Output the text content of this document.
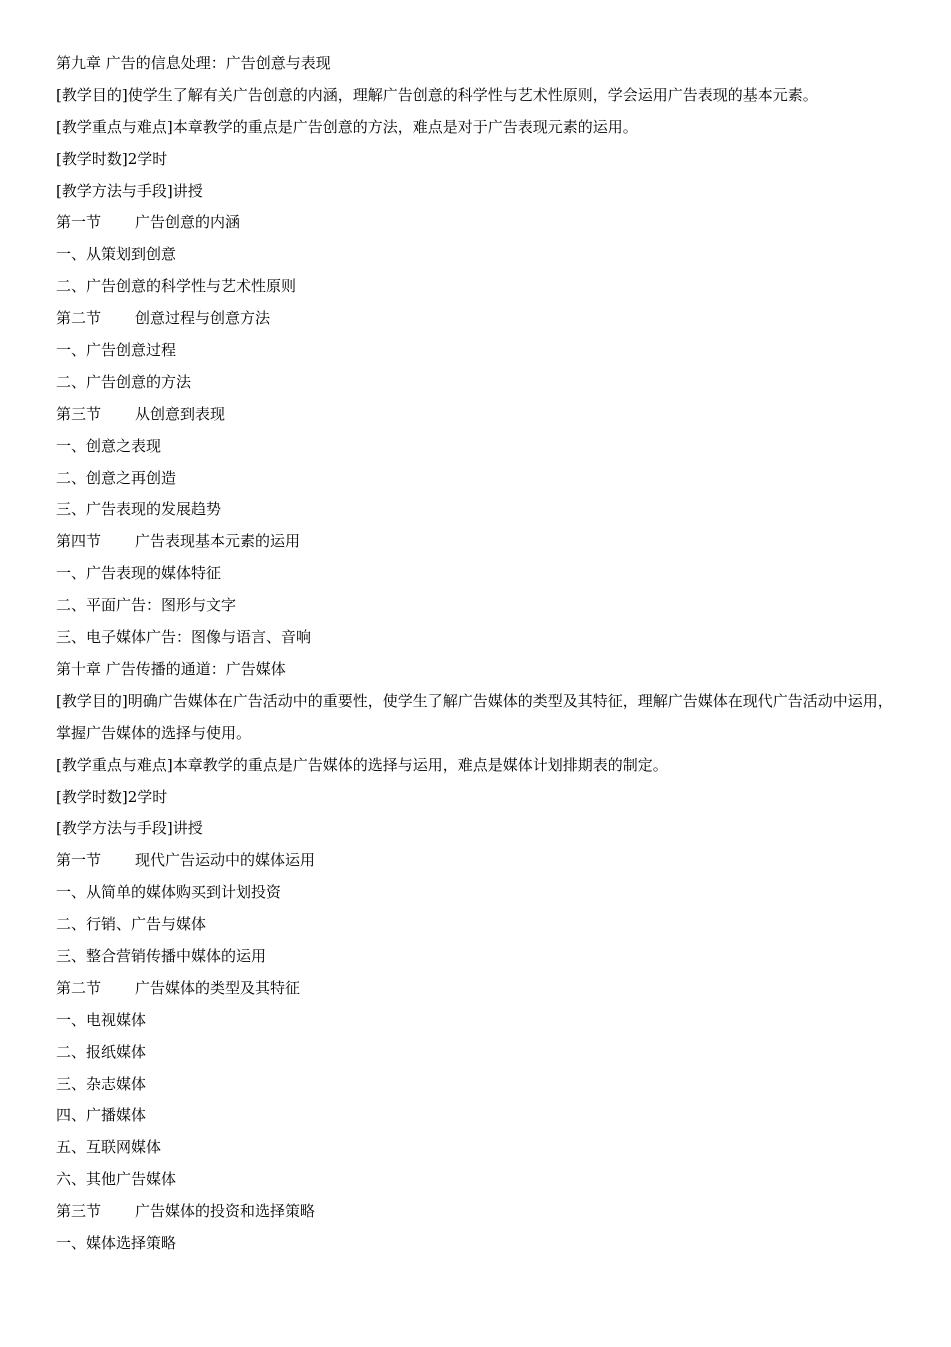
第九章 广告的信息处理：广告创意与表现
[教学目的]使学生了解有关广告创意的内涵，理解广告创意的科学性与艺术性原则，学会运用广告表现的基本元素。
[教学重点与难点]本章教学的重点是广告创意的方法，难点是对于广告表现元素的运用。
[教学时数]2学时
[教学方法与手段]讲授
第一节 广告创意的内涵
一、从策划到创意
二、广告创意的科学性与艺术性原则
第二节 创意过程与创意方法
一、广告创意过程
二、广告创意的方法
第三节 从创意到表现
一、创意之表现
二、创意之再创造
三、广告表现的发展趋势
第四节 广告表现基本元素的运用
一、广告表现的媒体特征
二、平面广告：图形与文字
三、电子媒体广告：图像与语言、音响
第十章 广告传播的通道：广告媒体
[教学目的]明确广告媒体在广告活动中的重要性，使学生了解广告媒体的类型及其特征，理解广告媒体在现代广告活动中运用，掌握广告媒体的选择与使用。
[教学重点与难点]本章教学的重点是广告媒体的选择与运用，难点是媒体计划排期表的制定。
[教学时数]2学时
[教学方法与手段]讲授
第一节 现代广告运动中的媒体运用
一、从简单的媒体购买到计划投资
二、行销、广告与媒体
三、整合营销传播中媒体的运用
第二节 广告媒体的类型及其特征
一、电视媒体
二、报纸媒体
三、杂志媒体
四、广播媒体
五、互联网媒体
六、其他广告媒体
第三节 广告媒体的投资和选择策略
一、媒体选择策略
